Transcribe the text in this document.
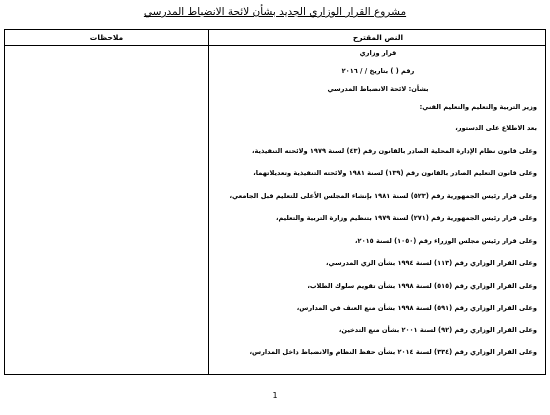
مشروع القرار الوزاري الجديد بشأن لائحة الانضباط المدرسي
ملاحظات	النص المقترح
قرار وزاري
رقم ( ) بتاريخ / / ٢٠١٦
بشأن: لائحة الانضباط المدرسي
وزير التربية والتعليم والتعليم الفني:
بعد الاطلاع على الدستور،
وعلى قانون نظام الإدارة المحلية الصادر بالقانون رقم (٤٣) لسنة ١٩٧٩ ولائحته التنفيذية،
وعلى قانون التعليم الصادر بالقانون رقم (١٣٩) لسنة ١٩٨١ ولائحته التنفيذية وتعديلاتهما،
وعلى قرار رئيس الجمهورية رقم (٥٢٣) لسنة ١٩٨١ بإنشاء المجلس الأعلى للتعليم قبل الجامعي،
وعلى قرار رئيس الجمهورية رقم (٢٧١) لسنة ١٩٧٩ بتنظيم وزارة التربية والتعليم،
وعلى قرار رئيس مجلس الوزراء رقم (١٠٥٠) لسنة ٢٠١٥،
وعلى القرار الوزاري رقم (١١٣) لسنة ١٩٩٤ بشأن الزي المدرسي،
وعلى القرار الوزاري رقم (٥١٥) لسنة ١٩٩٨ بشأن تقويم سلوك الطلاب،
وعلى القرار الوزاري رقم (٥٩١) لسنة ١٩٩٨ بشأن منع العنف في المدارس،
وعلى القرار الوزاري رقم (٩٢) لسنة ٢٠٠١ بشأن منع التدخين،
وعلى القرار الوزاري رقم (٣٣٤) لسنة ٢٠١٤ بشأن حفظ النظام والانضباط داخل المدارس،
1
